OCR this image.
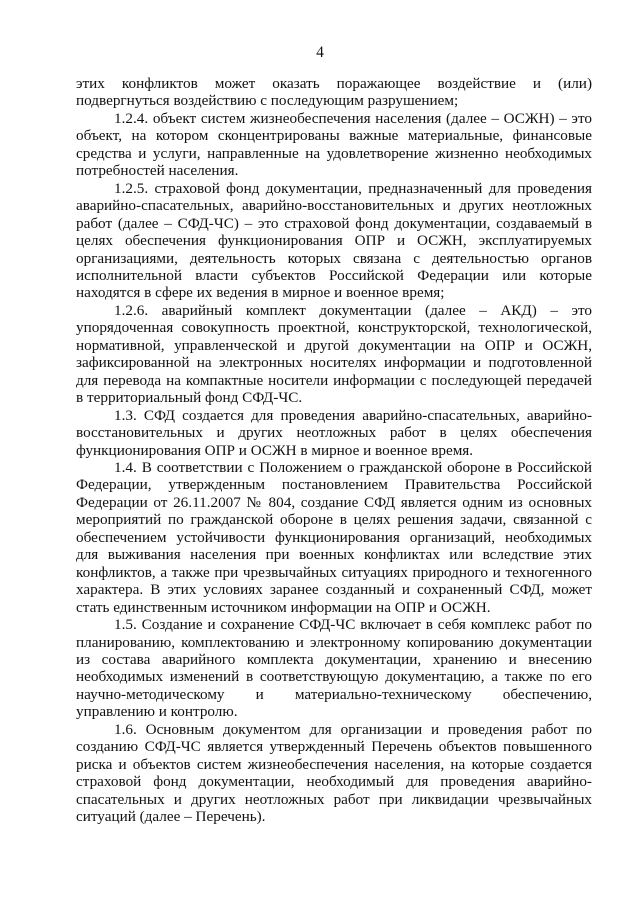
4

этих конфликтов может оказать поражающее воздействие и (или) подвергнуться воздействию с последующим разрушением;

1.2.4. объект систем жизнеобеспечения населения (далее – ОСЖН) – это объект, на котором сконцентрированы важные материальные, финансовые средства и услуги, направленные на удовлетворение жизненно необходимых потребностей населения.

1.2.5. страховой фонд документации, предназначенный для проведения аварийно-спасательных, аварийно-восстановительных и других неотложных работ (далее – СФД-ЧС) – это страховой фонд документации, создаваемый в целях обеспечения функционирования ОПР и ОСЖН, эксплуатируемых организациями, деятельность которых связана с деятельностью органов исполнительной власти субъектов Российской Федерации или которые находятся в сфере их ведения в мирное и военное время;

1.2.6. аварийный комплект документации (далее – АКД) – это упорядоченная совокупность проектной, конструкторской, технологической, нормативной, управленческой и другой документации на ОПР и ОСЖН, зафиксированной на электронных носителях информации и подготовленной для перевода на компактные носители информации с последующей передачей в территориальный фонд СФД-ЧС.

1.3. СФД создается для проведения аварийно-спасательных, аварийно-восстановительных и других неотложных работ в целях обеспечения функционирования ОПР и ОСЖН в мирное и военное время.

1.4. В соответствии с Положением о гражданской обороне в Российской Федерации, утвержденным постановлением Правительства Российской Федерации от 26.11.2007 № 804, создание СФД является одним из основных мероприятий по гражданской обороне в целях решения задачи, связанной с обеспечением устойчивости функционирования организаций, необходимых для выживания населения при военных конфликтах или вследствие этих конфликтов, а также при чрезвычайных ситуациях природного и техногенного характера. В этих условиях заранее созданный и сохраненный СФД, может стать единственным источником информации на ОПР и ОСЖН.

1.5. Создание и сохранение СФД-ЧС включает в себя комплекс работ по планированию, комплектованию и электронному копированию документации из состава аварийного комплекта документации, хранению и внесению необходимых изменений в соответствующую документацию, а также по его научно-методическому и материально-техническому обеспечению, управлению и контролю.

1.6. Основным документом для организации и проведения работ по созданию СФД-ЧС является утвержденный Перечень объектов повышенного риска и объектов систем жизнеобеспечения населения, на которые создается страховой фонд документации, необходимый для проведения аварийно-спасательных и других неотложных работ при ликвидации чрезвычайных ситуаций (далее – Перечень).
